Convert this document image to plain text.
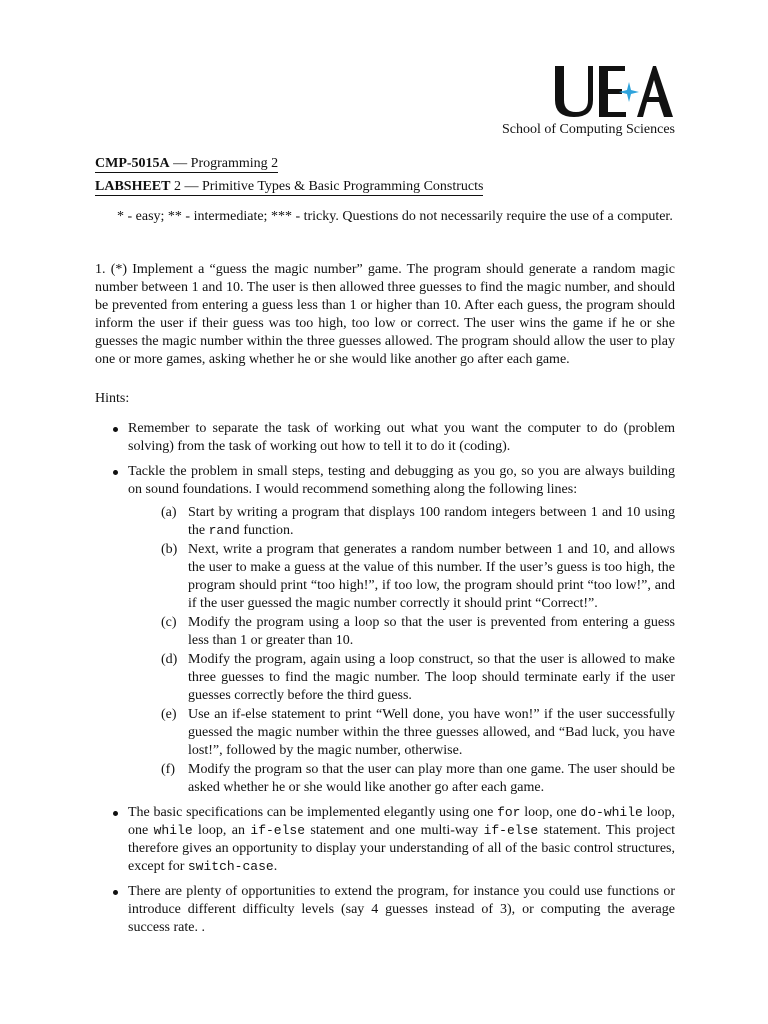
School of Computing Sciences
CMP-5015A — Programming 2
LABSHEET 2 — Primitive Types & Basic Programming Constructs
* - easy; ** - intermediate; *** - tricky. Questions do not necessarily require the use of a computer.
1. (*) Implement a “guess the magic number” game. The program should generate a random magic number between 1 and 10. The user is then allowed three guesses to find the magic number, and should be prevented from entering a guess less than 1 or higher than 10. After each guess, the program should inform the user if their guess was too high, too low or correct. The user wins the game if he or she guesses the magic number within the three guesses allowed. The program should allow the user to play one or more games, asking whether he or she would like another go after each game.
Hints:
Remember to separate the task of working out what you want the computer to do (problem solving) from the task of working out how to tell it to do it (coding).
Tackle the problem in small steps, testing and debugging as you go, so you are always building on sound foundations. I would recommend something along the following lines:
(a) Start by writing a program that displays 100 random integers between 1 and 10 using the rand function.
(b) Next, write a program that generates a random number between 1 and 10, and allows the user to make a guess at the value of this number. If the user’s guess is too high, the program should print “too high!”, if too low, the program should print “too low!”, and if the user guessed the magic number correctly it should print “Correct!”.
(c) Modify the program using a loop so that the user is prevented from entering a guess less than 1 or greater than 10.
(d) Modify the program, again using a loop construct, so that the user is allowed to make three guesses to find the magic number. The loop should terminate early if the user guesses correctly before the third guess.
(e) Use an if-else statement to print “Well done, you have won!” if the user successfully guessed the magic number within the three guesses allowed, and “Bad luck, you have lost!”, followed by the magic number, otherwise.
(f) Modify the program so that the user can play more than one game. The user should be asked whether he or she would like another go after each game.
The basic specifications can be implemented elegantly using one for loop, one do-while loop, one while loop, an if-else statement and one multi-way if-else statement. This project therefore gives an opportunity to display your understanding of all of the basic control structures, except for switch-case.
There are plenty of opportunities to extend the program, for instance you could use functions or introduce different difficulty levels (say 4 guesses instead of 3), or computing the average success rate. .
